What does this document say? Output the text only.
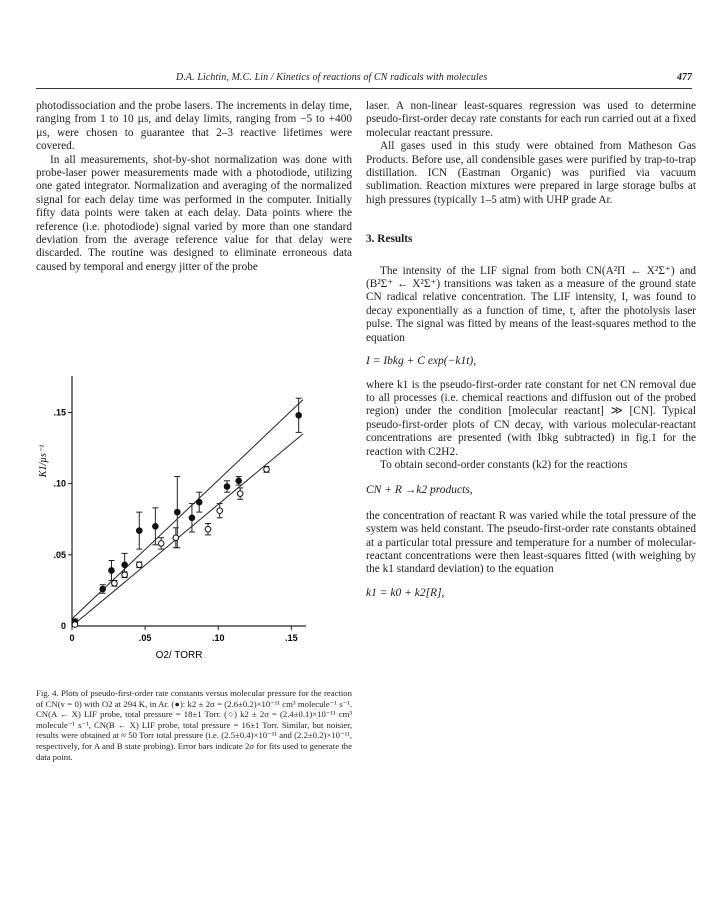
D.A. Lichtin, M.C. Lin / Kinetics of reactions of CN radicals with molecules	477

photodissociation and the probe lasers. The increments in delay time, ranging from 1 to 10 µs, and delay limits, ranging from −5 to +400 µs, were chosen to guarantee that 2–3 reactive lifetimes were covered.

In all measurements, shot-by-shot normalization was done with probe-laser power measurements made with a photodiode, utilizing one gated integrator. Normalization and averaging of the normalized signal for each delay time was performed in the computer. Initially fifty data points were taken at each delay. Data points where the reference (i.e. photodiode) signal varied by more than one standard deviation from the average reference value for that delay were discarded. The routine was designed to eliminate erroneous data caused by temporal and energy jitter of the probe

0	.05	.10	.15
0
.05
.10
.15
O2/ TORR
K1/µs⁻¹

Fig. 4. Plots of pseudo-first-order rate constants versus molecular pressure for the reaction of CN(v = 0) with O2 at 294 K, in Ar. (●): k2 ± 2σ = (2.6±0.2)×10⁻¹¹ cm³ molecule⁻¹ s⁻¹. CN(A ← X) LIF probe, total pressure = 18±1 Torr. (○) k2 ± 2σ = (2.4±0.1)×10⁻¹¹ cm³ molecule⁻¹ s⁻¹, CN(B ← X) LIF probe, total pressure = 16±1 Torr. Similar, but noisier, results were obtained at ≈ 50 Torr total pressure (i.e. (2.5±0.4)×10⁻¹¹ and (2.2±0.2)×10⁻¹¹, respectively, for A and B state probing). Error bars indicate 2σ for fits used to generate the data point.

laser. A non-linear least-squares regression was used to determine pseudo-first-order decay rate constants for each run carried out at a fixed molecular reactant pressure.

All gases used in this study were obtained from Matheson Gas Products. Before use, all condensible gases were purified by trap-to-trap distillation. ICN (Eastman Organic) was purified via vacuum sublimation. Reaction mixtures were prepared in large storage bulbs at high pressures (typically 1–5 atm) with UHP grade Ar.

3. Results

The intensity of the LIF signal from both CN(A²Π ← X²Σ⁺) and (B²Σ⁺ ← X²Σ⁺) transitions was taken as a measure of the ground state CN radical relative concentration. The LIF intensity, I, was found to decay exponentially as a function of time, t, after the photolysis laser pulse. The signal was fitted by means of the least-squares method to the equation

I = Ibkg + C exp(−k1t),

where k1 is the pseudo-first-order rate constant for net CN removal due to all processes (i.e. chemical reactions and diffusion out of the probed region) under the condition [molecular reactant] ≫ [CN]. Typical pseudo-first-order plots of CN decay, with various molecular-reactant concentrations are presented (with Ibkg subtracted) in fig.1 for the reaction with C2H2.

To obtain second-order constants (k2) for the reactions

CN + R →k2 products,

the concentration of reactant R was varied while the total pressure of the system was held constant. The pseudo-first-order rate constants obtained at a particular total pressure and temperature for a number of molecular-reactant concentrations were then least-squares fitted (with weighing by the k1 standard deviation) to the equation

k1 = k0 + k2[R],
